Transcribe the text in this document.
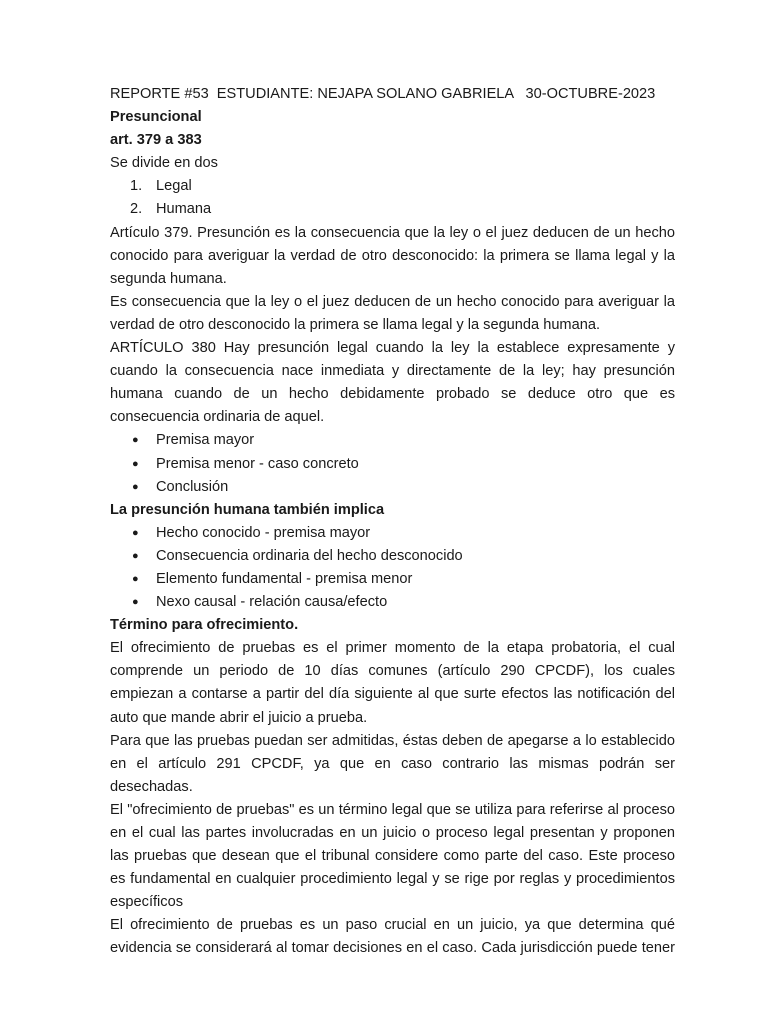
REPORTE #53  ESTUDIANTE: NEJAPA SOLANO GABRIELA   30-OCTUBRE-2023

Presuncional

art. 379 a 383

Se divide en dos

1. Legal
2. Humana

Artículo 379. Presunción es la consecuencia que la ley o el juez deducen de un hecho conocido para averiguar la verdad de otro desconocido: la primera se llama legal y la segunda humana.

Es consecuencia que la ley o el juez deducen de un hecho conocido para averiguar la verdad de otro desconocido la primera se llama legal y la segunda humana.

ARTÍCULO 380 Hay presunción legal cuando la ley la establece expresamente y cuando la consecuencia nace inmediata y directamente de la ley; hay presunción humana cuando de un hecho debidamente probado se deduce otro que es consecuencia ordinaria de aquel.

●	Premisa mayor
●	Premisa menor - caso concreto
●	Conclusión

La presunción humana también implica

●	Hecho conocido - premisa mayor
●	Consecuencia ordinaria del hecho desconocido
●	Elemento fundamental - premisa menor
●	Nexo causal - relación causa/efecto

Término para ofrecimiento.

El ofrecimiento de pruebas es el primer momento de la etapa probatoria, el cual comprende un periodo de 10 días comunes (artículo 290 CPCDF), los cuales empiezan a contarse a partir del día siguiente al que surte efectos las notificación del auto que mande abrir el juicio a prueba.

Para que las pruebas puedan ser admitidas, éstas deben de apegarse a lo establecido en el artículo 291 CPCDF, ya que en caso contrario las mismas podrán ser desechadas.

El "ofrecimiento de pruebas" es un término legal que se utiliza para referirse al proceso en el cual las partes involucradas en un juicio o proceso legal presentan y proponen las pruebas que desean que el tribunal considere como parte del caso. Este proceso es fundamental en cualquier procedimiento legal y se rige por reglas y procedimientos específicos

El ofrecimiento de pruebas es un paso crucial en un juicio, ya que determina qué evidencia se considerará al tomar decisiones en el caso. Cada jurisdicción puede tener
